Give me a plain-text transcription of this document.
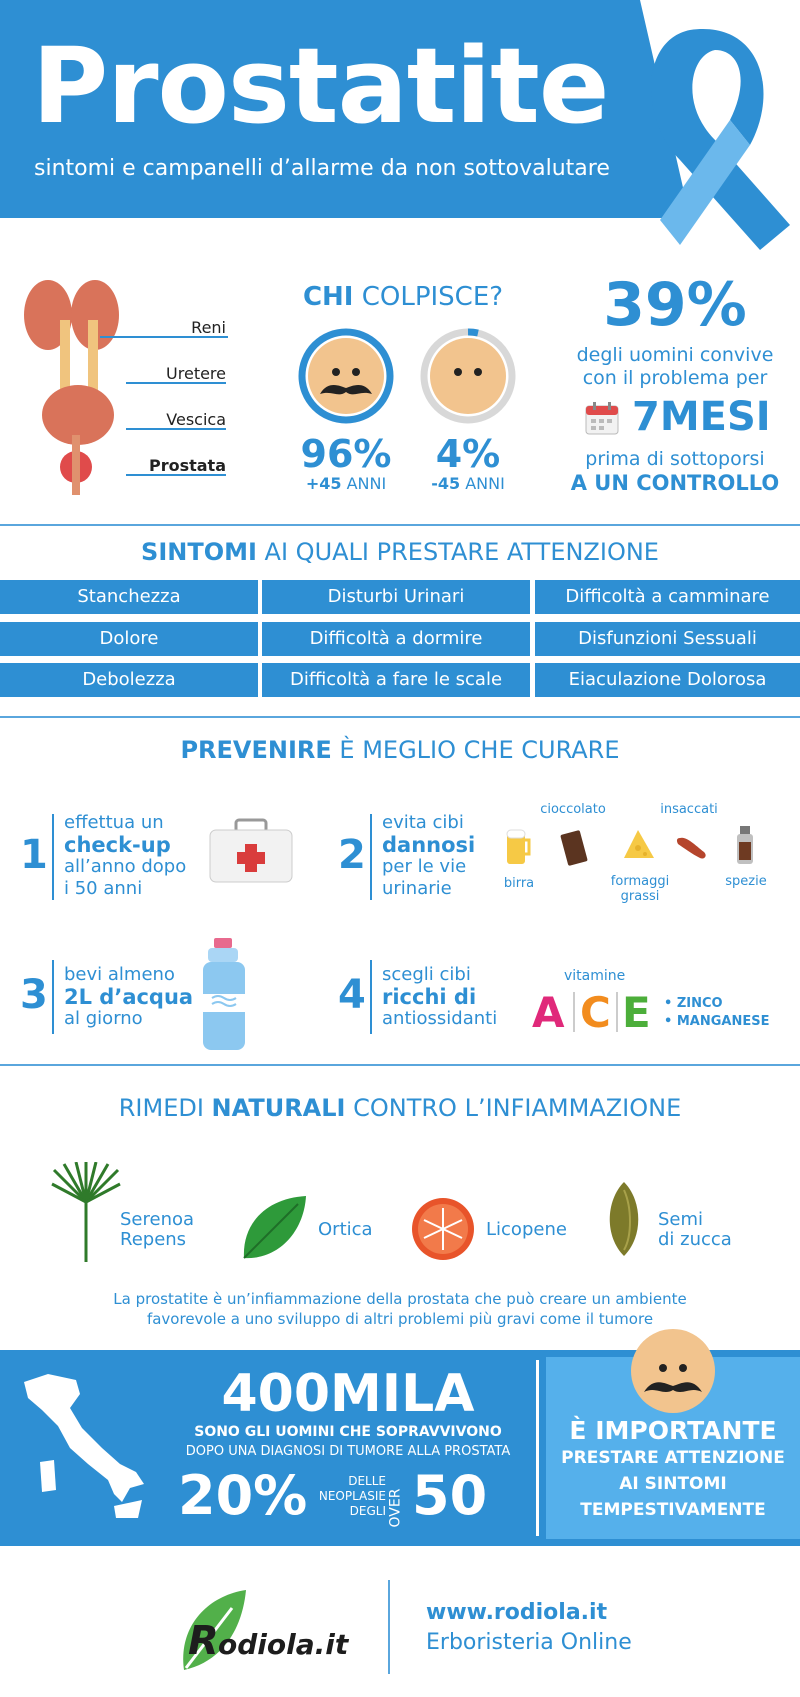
Prostatite
sintomi e campanelli d’allarme da non sottovalutare
Reni
Uretere
Vescica
Prostata
CHI COLPISCE?
96%
+45 ANNI
4%
-45 ANNI
39%
degli uomini convive
con il problema per
7MESI
prima di sottoporsi
A UN CONTROLLO
SINTOMI AI QUALI PRESTARE ATTENZIONE
Stanchezza	Disturbi Urinari	Difficoltà a camminare
Dolore	Difficoltà a dormire	Disfunzioni Sessuali
Debolezza	Difficoltà a fare le scale	Eiaculazione Dolorosa
PREVENIRE È MEGLIO CHE CURARE
1
effettua un
check-up
all’anno dopo
i 50 anni
2
evita cibi
dannosi
per le vie
urinarie
cioccolato	insaccati
birra	formaggi
grassi
spezie
3 bevi almeno
2L d’acqua
al giorno
4 scegli cibi
ricchi di
antiossidanti
vitamine
A C E • ZINCO
• MANGANESE
RIMEDI NATURALI CONTRO L’INFIAMMAZIONE
Serenoa
Repens	Ortica	Licopene	Semi
di zucca
La prostatite è un’infiammazione della prostata che può creare un ambiente
favorevole a uno sviluppo di altri problemi più gravi come il tumore
400MILA
SONO GLI UOMINI CHE SOPRAVVIVONO
DOPO UNA DIAGNOSI DI TUMORE ALLA PROSTATA
20%	DELLE
NEOPLASIE
DEGLI OVER 50
È IMPORTANTE
PRESTARE ATTENZIONE
AI SINTOMI
TEMPESTIVAMENTE
R odiola.it
www.rodiola.it
Erboristeria Online
